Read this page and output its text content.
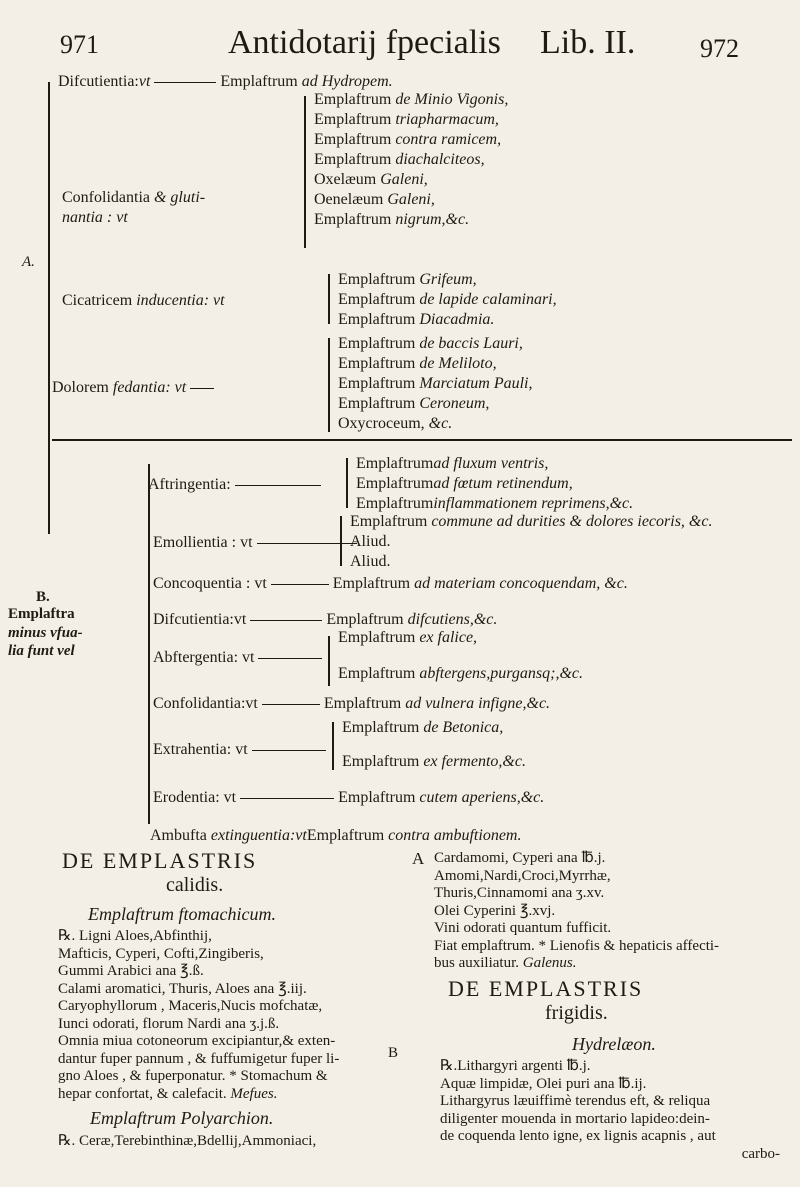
971	Antidotarij fpecialis Lib. II. 972
A.
Difcutientia:vt	Emplaftrum ad Hydropem.
Confolidantia & gluti-
nantia : vt
Emplaftrum de Minio Vigonis,
Emplaftrum triapharmacum,
Emplaftrum contra ramicem,
Emplaftrum diachalciteos,
Oxelæum Galeni,
Oenelæum Galeni,
Emplaftrum nigrum,&c.
Cicatricem inducentia: vt
Emplaftrum Grifeum,
Emplaftrum de lapide calaminari,
Emplaftrum Diacadmia.
Dolorem fedantia: vt
Emplaftrum de baccis Lauri,
Emplaftrum de Meliloto,
Emplaftrum Marciatum Pauli,
Emplaftrum Ceroneum,
Oxycroceum, &c.
B.
Emplaftra
minus vfua-
lia funt vel
Aftringentia:
Emplaftrumad fluxum ventris,
Emplaftrumad fœtum retinendum,
Emplaftruminflammationem reprimens,&c.
Emollientia : vt
Emplaftrum commune ad durities & dolores iecoris, &c.
Aliud.
Aliud.
Concoquentia : vt	Emplaftrum ad materiam concoquendam, &c.
Difcutientia:vt	Emplaftrum difcutiens,&c.
Abftergentia: vt
Emplaftrum ex falice,
Emplaftrum abftergens,purgansq;,&c.
Confolidantia:vt	Emplaftrum ad vulnera infigne,&c.
Extrahentia: vt
Emplaftrum de Betonica,
Emplaftrum ex fermento,&c.
Erodentia: vt	Emplaftrum cutem aperiens,&c.
Ambufta extinguentia:vtEmplaftrum contra ambuftionem.
DE EMPLASTRIS
calidis.
Emplaftrum ftomachicum.
℞. Ligni Aloes,Abfinthij,
Mafticis, Cyperi, Cofti,Zingiberis,
Gummi Arabici ana ℥.ß.
Calami aromatici, Thuris, Aloes ana ℥.iij.
Caryophyllorum , Maceris,Nucis mofchatæ,
Iunci odorati, florum Nardi ana ʒ.j.ß.
Omnia miua cotoneorum excipiantur,& exten-
dantur fuper pannum , & fuffumigetur fuper li-
gno Aloes , & fuperponatur. * Stomachum &
hepar confortat, & calefacit. Mefues.
Emplaftrum Polyarchion.
℞. Ceræ,Terebinthinæ,Bdellij,Ammoniaci,
B
A Cardamomi, Cyperi ana ℔.j.
Amomi,Nardi,Croci,Myrrhæ,
Thuris,Cinnamomi ana ʒ.xv.
Olei Cyperini ℥.xvj.
Vini odorati quantum fufficit.
Fiat emplaftrum. * Lienofis & hepaticis affecti-
bus auxiliatur. Galenus.
DE EMPLASTRIS
frigidis.
Hydrelæon.
℞.Lithargyri argenti ℔.j.
Aquæ limpidæ, Olei puri ana ℔.ij.
Lithargyrus læuiffimè terendus eft, & reliqua
diligenter mouenda in mortario lapideo:dein-
de coquenda lento igne, ex lignis acapnis , aut
carbo-
